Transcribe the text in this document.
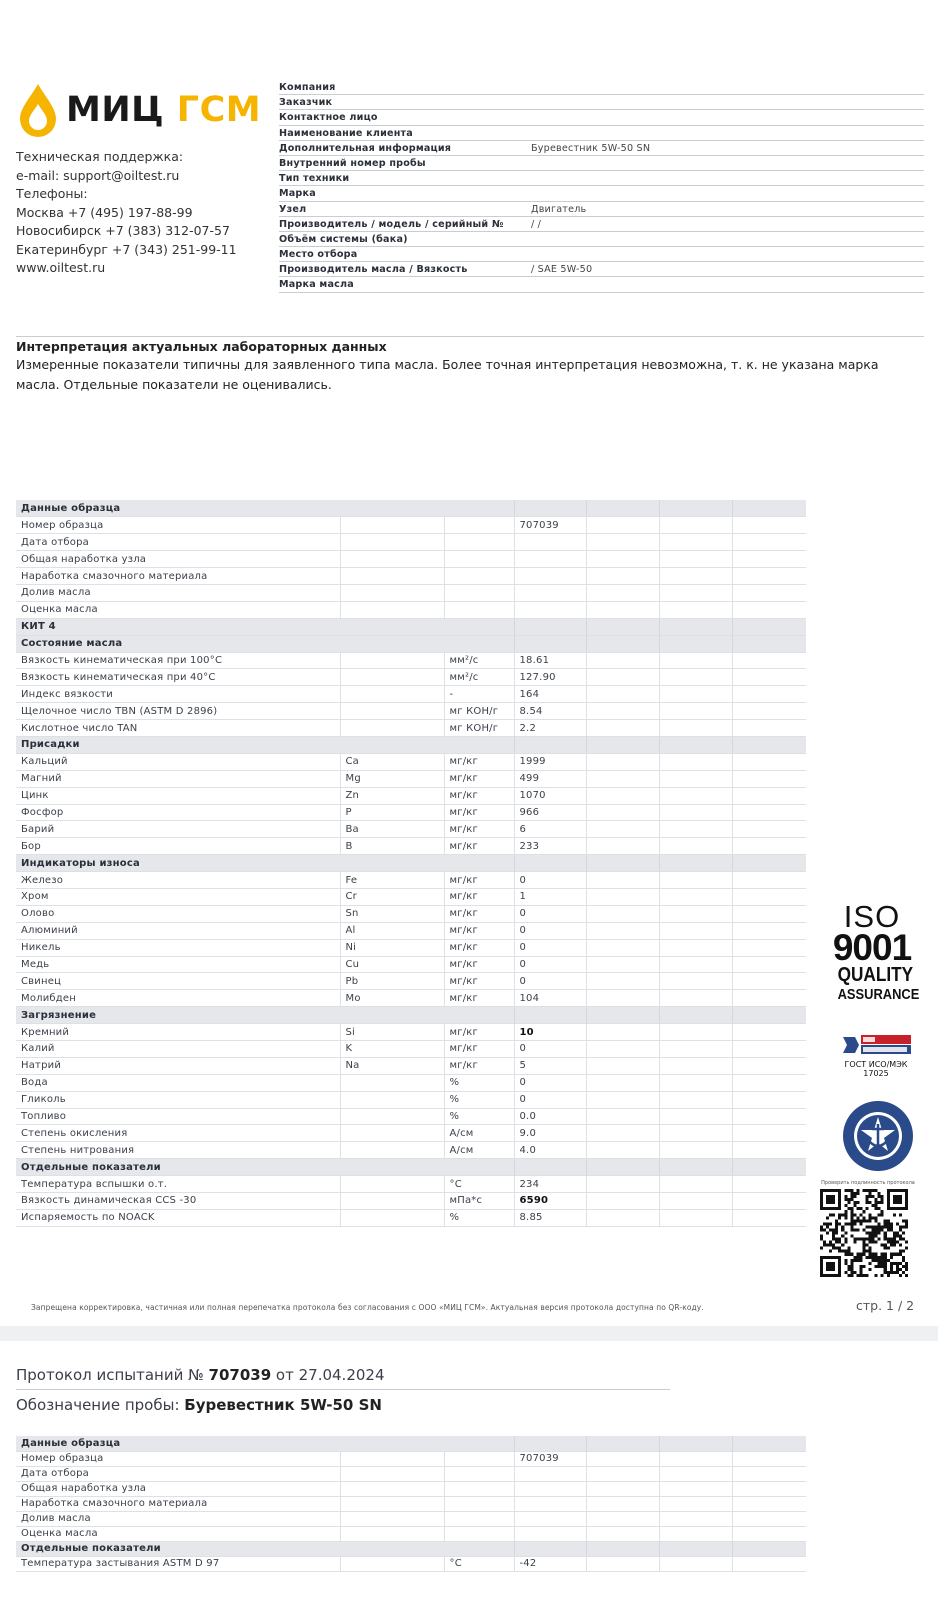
МИЦ ГСМ
Техническая поддержка:
e-mail: support@oiltest.ru
Телефоны:
Москва +7 (495) 197-88-99
Новосибирск +7 (383) 312-07-57
Екатеринбург +7 (343) 251-99-11
www.oiltest.ru
Компания
Заказчик
Контактное лицо
Наименование клиента
Дополнительная информация	Буревестник 5W-50 SN
Внутренний номер пробы
Тип техники
Марка
Узел	Двигатель
Производитель / модель / серийный №	/ /
Объём системы (бака)
Место отбора
Производитель масла / Вязкость	/ SAE 5W-50
Марка масла
Интерпретация актуальных лабораторных данных
Измеренные показатели типичны для заявленного типа масла. Более точная интерпретация невозможна, т. к. не указана марка масла. Отдельные показатели не оценивались.
Данные образца						
Номер образца			707039			
Дата отбора						
Общая наработка узла						
Наработка смазочного материала						
Долив масла						
Оценка масла						
КИТ 4						
Состояние масла						
Вязкость кинематическая при 100°С		мм²/с	18.61			
Вязкость кинематическая при 40°С		мм²/с	127.90			
Индекс вязкости		-	164			
Щелочное число TBN (ASTM D 2896)		мг КОН/г	8.54			
Кислотное число TAN		мг КОН/г	2.2			
Присадки						
Кальций	Ca	мг/кг	1999			
Магний	Mg	мг/кг	499			
Цинк	Zn	мг/кг	1070			
Фосфор	P	мг/кг	966			
Барий	Ba	мг/кг	6			
Бор	B	мг/кг	233			
Индикаторы износа						
Железо	Fe	мг/кг	0			
Хром	Cr	мг/кг	1			
Олово	Sn	мг/кг	0			
Алюминий	Al	мг/кг	0			
Никель	Ni	мг/кг	0			
Медь	Cu	мг/кг	0			
Свинец	Pb	мг/кг	0			
Молибден	Mo	мг/кг	104			
Загрязнение						
Кремний	Si	мг/кг	10			
Калий	K	мг/кг	0			
Натрий	Na	мг/кг	5			
Вода		%	0			
Гликоль		%	0			
Топливо		%	0.0			
Степень окисления		A/см	9.0			
Степень нитрования		A/см	4.0			
Отдельные показатели						
Температура вспышки о.т.		°С	234			
Вязкость динамическая CCS -30		мПа*с	6590			
Испаряемость по NOACK		%	8.85			
ISO
9001
QUALITY
ASSURANCE
ГОСТ ИСО/МЭК 17025
Проверить подлинность протокола
Запрещена корректировка, частичная или полная перепечатка протокола без согласования с ООО «МИЦ ГСМ». Актуальная версия протокола доступна по QR-коду.	стр. 1 / 2
Протокол испытаний № 707039 от 27.04.2024
Обозначение пробы: Буревестник 5W-50 SN
Данные образца						
Номер образца			707039			
Дата отбора						
Общая наработка узла						
Наработка смазочного материала						
Долив масла						
Оценка масла						
Отдельные показатели						
Температура застывания ASTM D 97		°С	-42			
